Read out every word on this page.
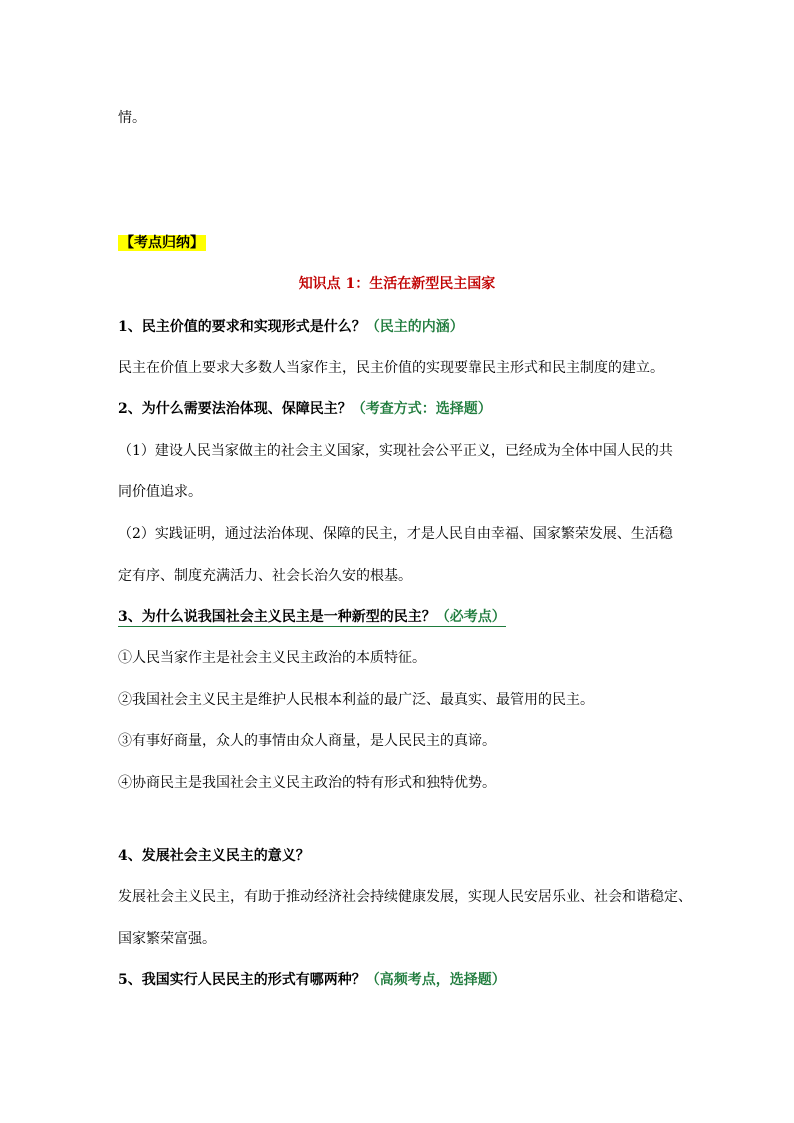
情。
【考点归纳】
知识点 1：生活在新型民主国家
1、民主价值的要求和实现形式是什么？（民主的内涵）
民主在价值上要求大多数人当家作主，民主价值的实现要靠民主形式和民主制度的建立。
2、为什么需要法治体现、保障民主？（考查方式：选择题）
（1）建设人民当家做主的社会主义国家，实现社会公平正义，已经成为全体中国人民的共
同价值追求。
（2）实践证明，通过法治体现、保障的民主，才是人民自由幸福、国家繁荣发展、生活稳
定有序、制度充满活力、社会长治久安的根基。
3、为什么说我国社会主义民主是一种新型的民主？（必考点）
①人民当家作主是社会主义民主政治的本质特征。
②我国社会主义民主是维护人民根本利益的最广泛、最真实、最管用的民主。
③有事好商量，众人的事情由众人商量，是人民民主的真谛。
④协商民主是我国社会主义民主政治的特有形式和独特优势。
4、发展社会主义民主的意义？
发展社会主义民主，有助于推动经济社会持续健康发展，实现人民安居乐业、社会和谐稳定、
国家繁荣富强。
5、我国实行人民民主的形式有哪两种？（高频考点，选择题）
